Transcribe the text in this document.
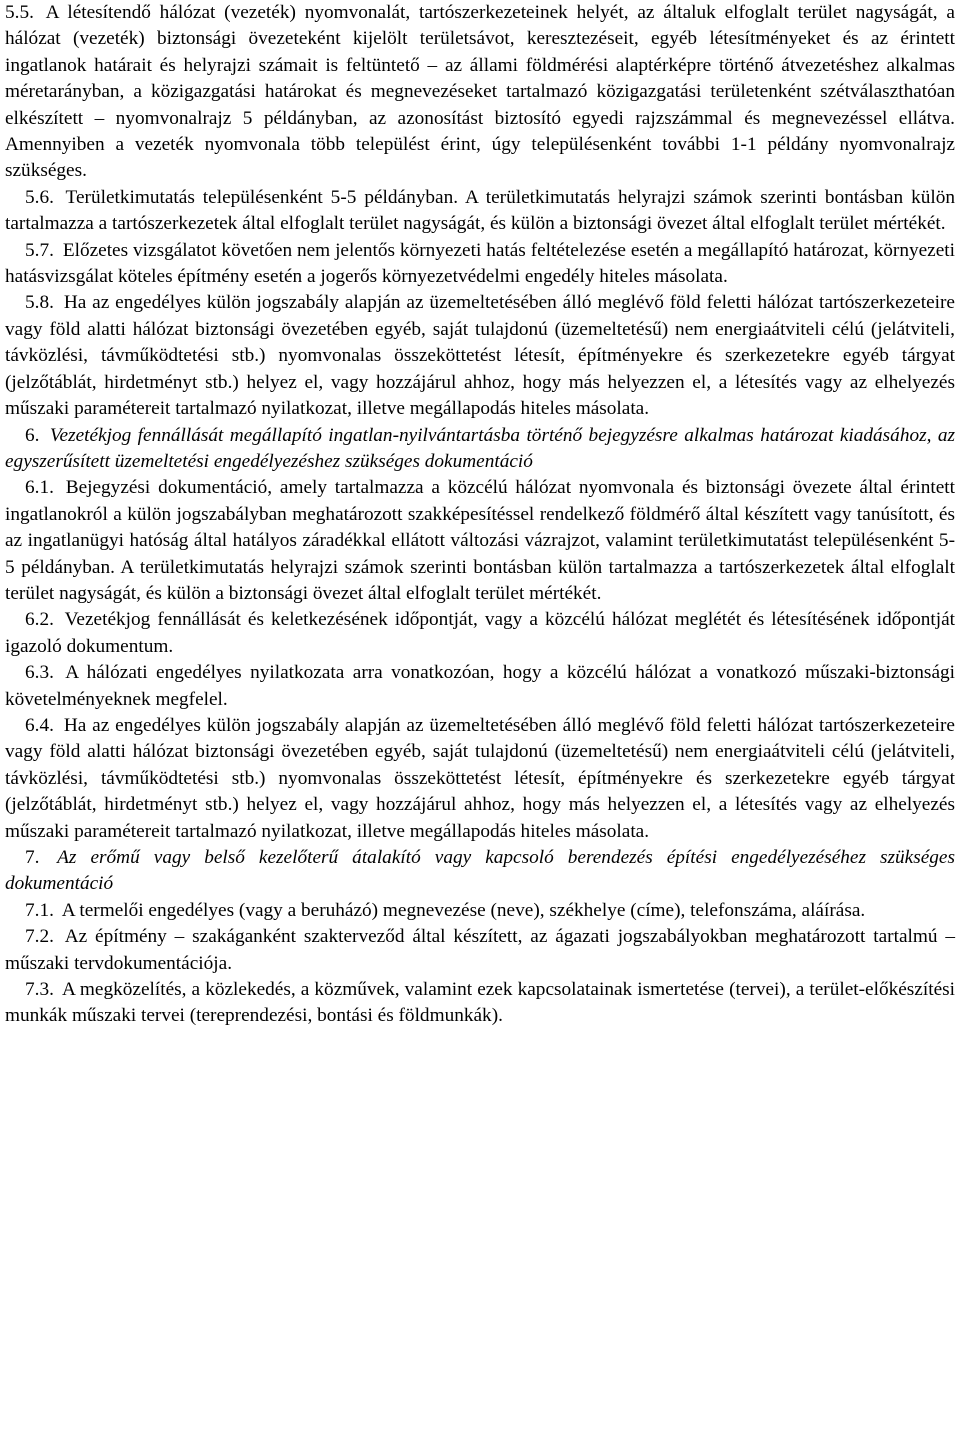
5.5. A létesítendő hálózat (vezeték) nyomvonalát, tartószerkezeteinek helyét, az általuk elfoglalt terület nagyságát, a hálózat (vezeték) biztonsági övezeteként kijelölt területsávot, keresztezéseit, egyéb létesítményeket és az érintett ingatlanok határait és helyrajzi számait is feltüntető – az állami földmérési alaptérképre történő átvezetéshez alkalmas méretarányban, a közigazgatási határokat és megnevezéseket tartalmazó közigazgatási területenként szétválaszthatóan elkészített – nyomvonalrajz 5 példányban, az azonosítást biztosító egyedi rajzszámmal és megnevezéssel ellátva. Amennyiben a vezeték nyomvonala több települést érint, úgy településenként további 1-1 példány nyomvonalrajz szükséges.

5.6. Területkimutatás településenként 5-5 példányban. A területkimutatás helyrajzi számok szerinti bontásban külön tartalmazza a tartószerkezetek által elfoglalt terület nagyságát, és külön a biztonsági övezet által elfoglalt terület mértékét.

5.7. Előzetes vizsgálatot követően nem jelentős környezeti hatás feltételezése esetén a megállapító határozat, környezeti hatásvizsgálat köteles építmény esetén a jogerős környezetvédelmi engedély hiteles másolata.

5.8. Ha az engedélyes külön jogszabály alapján az üzemeltetésében álló meglévő föld feletti hálózat tartószerkezeteire vagy föld alatti hálózat biztonsági övezetében egyéb, saját tulajdonú (üzemeltetésű) nem energiaátviteli célú (jelátviteli, távközlési, távműködtetési stb.) nyomvonalas összeköttetést létesít, építményekre és szerkezetekre egyéb tárgyat (jelzőtáblát, hirdetményt stb.) helyez el, vagy hozzájárul ahhoz, hogy más helyezzen el, a létesítés vagy az elhelyezés műszaki paramétereit tartalmazó nyilatkozat, illetve megállapodás hiteles másolata.

6. Vezetékjog fennállását megállapító ingatlan-nyilvántartásba történő bejegyzésre alkalmas határozat kiadásához, az egyszerűsített üzemeltetési engedélyezéshez szükséges dokumentáció

6.1. Bejegyzési dokumentáció, amely tartalmazza a közcélú hálózat nyomvonala és biztonsági övezete által érintett ingatlanokról a külön jogszabályban meghatározott szakképesítéssel rendelkező földmérő által készített vagy tanúsított, és az ingatlanügyi hatóság által hatályos záradékkal ellátott változási vázrajzot, valamint területkimutatást településenként 5-5 példányban. A területkimutatás helyrajzi számok szerinti bontásban külön tartalmazza a tartószerkezetek által elfoglalt terület nagyságát, és külön a biztonsági övezet által elfoglalt terület mértékét.

6.2. Vezetékjog fennállását és keletkezésének időpontját, vagy a közcélú hálózat meglétét és létesítésének időpontját igazoló dokumentum.

6.3. A hálózati engedélyes nyilatkozata arra vonatkozóan, hogy a közcélú hálózat a vonatkozó műszaki-biztonsági követelményeknek megfelel.

6.4. Ha az engedélyes külön jogszabály alapján az üzemeltetésében álló meglévő föld feletti hálózat tartószerkezeteire vagy föld alatti hálózat biztonsági övezetében egyéb, saját tulajdonú (üzemeltetésű) nem energiaátviteli célú (jelátviteli, távközlési, távműködtetési stb.) nyomvonalas összeköttetést létesít, építményekre és szerkezetekre egyéb tárgyat (jelzőtáblát, hirdetményt stb.) helyez el, vagy hozzájárul ahhoz, hogy más helyezzen el, a létesítés vagy az elhelyezés műszaki paramétereit tartalmazó nyilatkozat, illetve megállapodás hiteles másolata.

7. Az erőmű vagy belső kezelőterű átalakító vagy kapcsoló berendezés építési engedélyezéséhez szükséges dokumentáció

7.1. A termelői engedélyes (vagy a beruházó) megnevezése (neve), székhelye (címe), telefonszáma, aláírása.

7.2. Az építmény – szakáganként szakterveződ által készített, az ágazati jogszabályokban meghatározott tartalmú – műszaki tervdokumentációja.

7.3. A megközelítés, a közlekedés, a közművek, valamint ezek kapcsolatainak ismertetése (tervei), a terület-előkészítési munkák műszaki tervei (tereprendezési, bontási és földmunkák).
